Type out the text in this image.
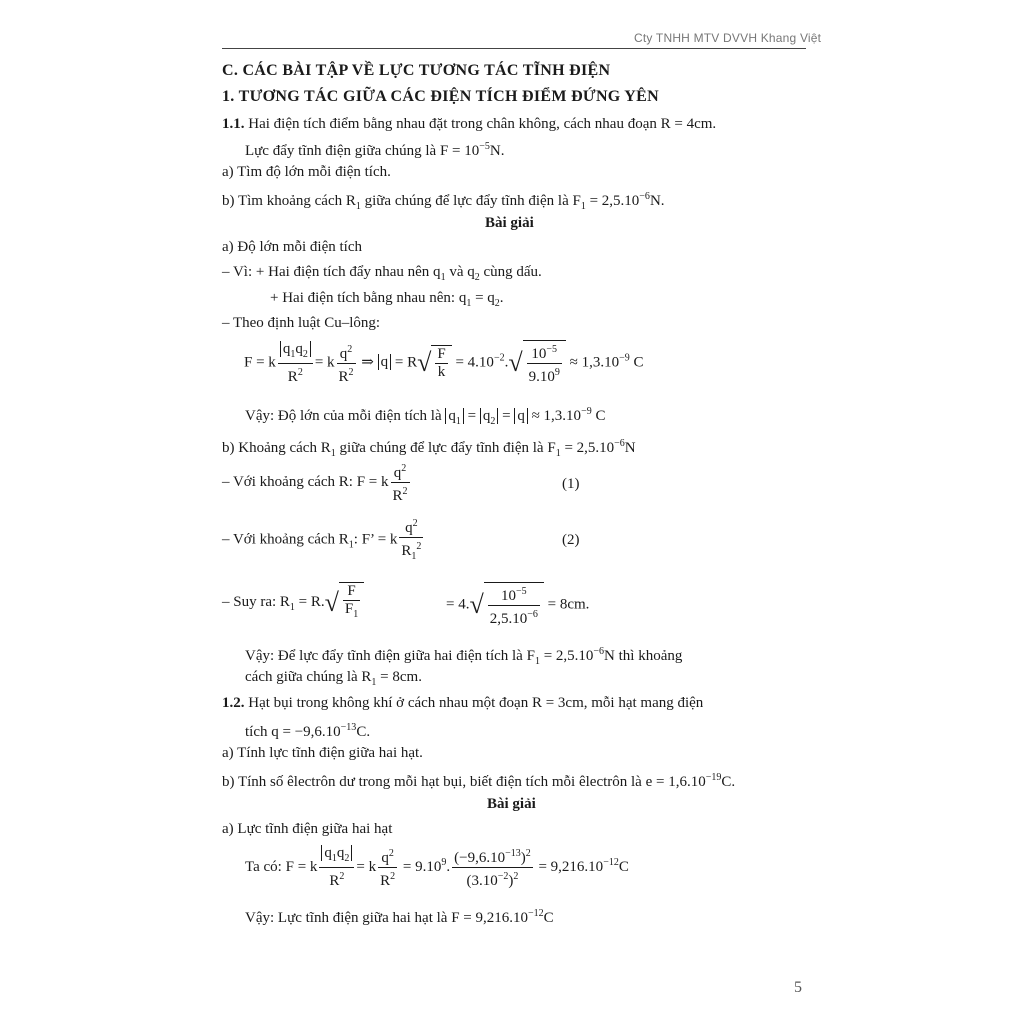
Cty TNHH MTV DVVH Khang Việt
C. CÁC BÀI TẬP VỀ LỰC TƯƠNG TÁC TĨNH ĐIỆN
1. TƯƠNG TÁC GIỮA CÁC ĐIỆN TÍCH ĐIỂM ĐỨNG YÊN
1.1. Hai điện tích điểm bằng nhau đặt trong chân không, cách nhau đoạn R = 4cm.
Lực đẩy tĩnh điện giữa chúng là $F = 10^{-5}N$.
a) Tìm độ lớn mỗi điện tích.
b) Tìm khoảng cách $R_1$ giữa chúng để lực đẩy tĩnh điện là $F_1 = 2,5.10^{-6}N$.
Bài giải
a) Độ lớn mỗi điện tích
– Vì: + Hai điện tích đẩy nhau nên $q_1$ và $q_2$ cùng dấu.
+ Hai điện tích bằng nhau nên: $q_1 = q_2$.
– Theo định luật Cu–lông:
F = k $\frac{q_1q_2}{R^2} = k \frac{q^2}{R^2}$ ⇒ $q = R√ \frac{F}{k} = 4.10^{-2}.√ \frac{10^{-5}}{9.10^9} \approx 1,3.10^{-9}$ C
Vậy: Độ lớn của mỗi điện tích là $q_1 = q_2 = q \approx 1,3.10^{-9}$ C
b) Khoảng cách $R_1$ giữa chúng để lực đẩy tĩnh điện là $F_1 = 2,5.10^{-6}N$
– Với khoảng cách R: F = k $\frac{q^2}{R^2}$	(1)
– Với khoảng cách $R_1$: F’ = k $\frac{q^2}{R_1^2}$	(2)
– Suy ra: $R_1 = R.√ \frac{F}{F_1}$	= $4.√ \frac{10^{-5}}{2,5.10^{-6}} = 8cm$.
Vậy: Để lực đẩy tĩnh điện giữa hai điện tích là $F_1 = 2,5.10^{-6}N$ thì khoảng
cách giữa chúng là $R_1 = 8cm$.
1.2. Hạt bụi trong không khí ở cách nhau một đoạn R = 3cm, mỗi hạt mang điện
tích $q = -9,6.10^{-13}C$.
a) Tính lực tĩnh điện giữa hai hạt.
b) Tính số êlectrôn dư trong mỗi hạt bụi, biết điện tích mỗi êlectrôn là $e = 1,6.10^{-19}C$.
Bài giải
a) Lực tĩnh điện giữa hai hạt
Ta có: F = k $\frac{q_1q_2}{R^2} = k \frac{q^2}{R^2} = 9.10^9$. $\frac{(-9,6.10^{-13})^2}{(3.10^{-2})^2} = 9,216.10^{-12}C$
Vậy: Lực tĩnh điện giữa hai hạt là $F = 9,216.10^{-12}C$
5
